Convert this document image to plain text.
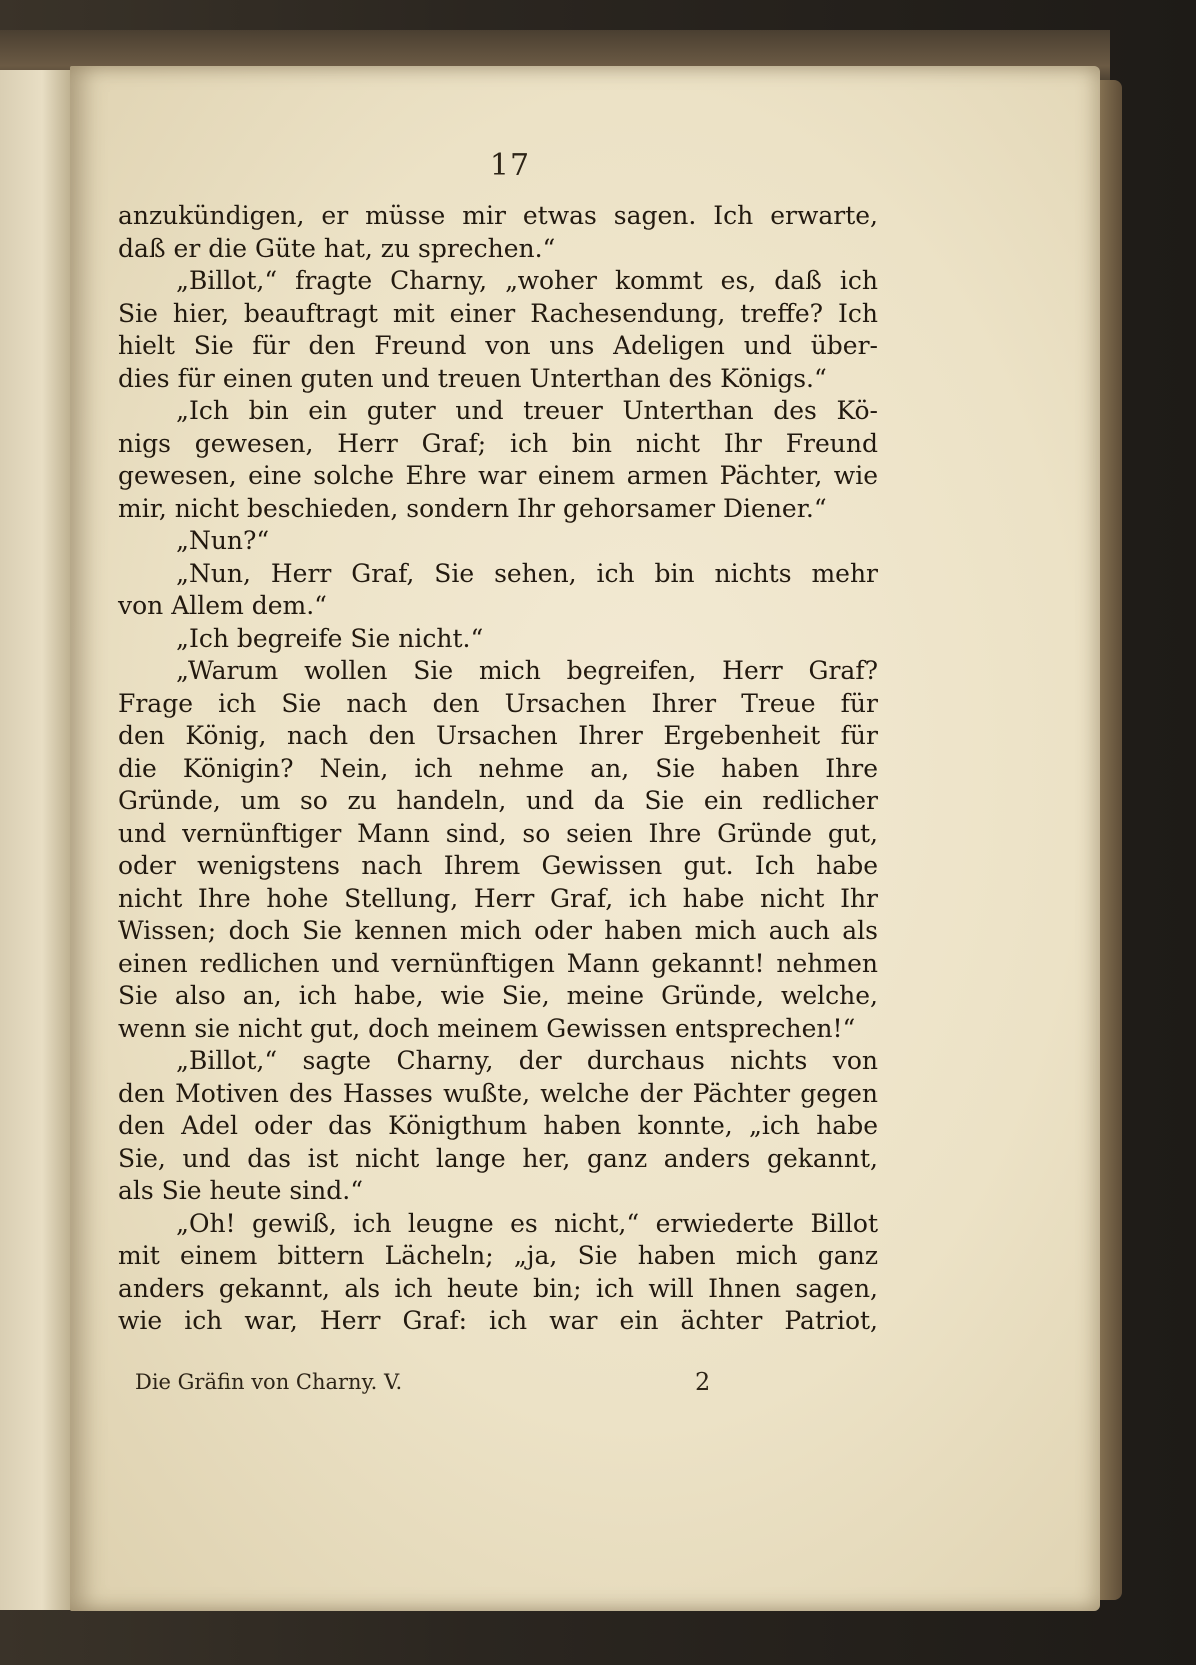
17
anzukündigen, er müsse mir etwas sagen. Ich erwarte,
daß er die Güte hat, zu sprechen.“
„Billot,“ fragte Charny, „woher kommt es, daß ich
Sie hier, beauftragt mit einer Rachesendung, treffe? Ich
hielt Sie für den Freund von uns Adeligen und über-
dies für einen guten und treuen Unterthan des Königs.“
„Ich bin ein guter und treuer Unterthan des Kö-
nigs gewesen, Herr Graf; ich bin nicht Ihr Freund
gewesen, eine solche Ehre war einem armen Pächter, wie
mir, nicht beschieden, sondern Ihr gehorsamer Diener.“
„Nun?“
„Nun, Herr Graf, Sie sehen, ich bin nichts mehr
von Allem dem.“
„Ich begreife Sie nicht.“
„Warum wollen Sie mich begreifen, Herr Graf?
Frage ich Sie nach den Ursachen Ihrer Treue für
den König, nach den Ursachen Ihrer Ergebenheit für
die Königin? Nein, ich nehme an, Sie haben Ihre
Gründe, um so zu handeln, und da Sie ein redlicher
und vernünftiger Mann sind, so seien Ihre Gründe gut,
oder wenigstens nach Ihrem Gewissen gut. Ich habe
nicht Ihre hohe Stellung, Herr Graf, ich habe nicht Ihr
Wissen; doch Sie kennen mich oder haben mich auch als
einen redlichen und vernünftigen Mann gekannt! nehmen
Sie also an, ich habe, wie Sie, meine Gründe, welche,
wenn sie nicht gut, doch meinem Gewissen entsprechen!“
„Billot,“ sagte Charny, der durchaus nichts von
den Motiven des Hasses wußte, welche der Pächter gegen
den Adel oder das Königthum haben konnte, „ich habe
Sie, und das ist nicht lange her, ganz anders gekannt,
als Sie heute sind.“
„Oh! gewiß, ich leugne es nicht,“ erwiederte Billot
mit einem bittern Lächeln; „ja, Sie haben mich ganz
anders gekannt, als ich heute bin; ich will Ihnen sagen,
wie ich war, Herr Graf: ich war ein ächter Patriot,
Die Gräfin von Charny. V.	2
